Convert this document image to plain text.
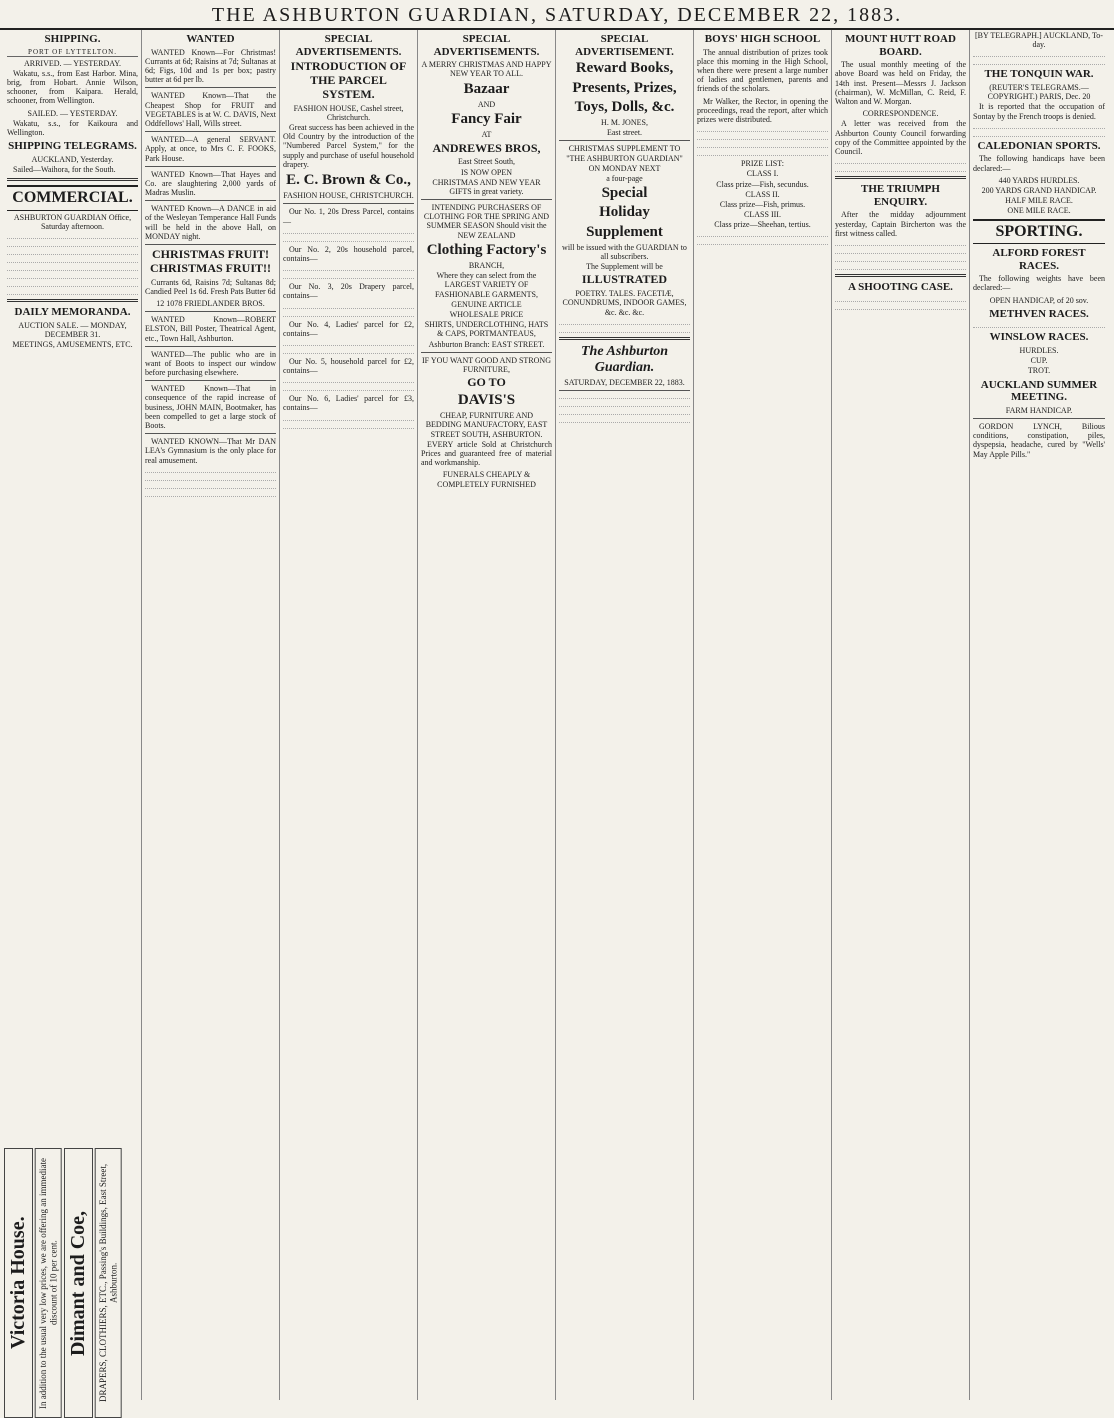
THE ASHBURTON GUARDIAN, SATURDAY, DECEMBER 22, 1883.
SHIPPING.
PORT OF LYTTELTON.
ARRIVED. — YESTERDAY.
Wakatu, s.s., from East Harbor. Mina, brig, from Hobart. Annie Wilson, schooner, from Kaipara. Herald, schooner, from Wellington.
SAILED. — YESTERDAY.
Wakatu, s.s., for Kaikoura and Wellington.
SHIPPING TELEGRAMS.
AUCKLAND, Yesterday.
Sailed—Waihora, for the South.
COMMERCIAL.
ASHBURTON GUARDIAN Office, Saturday afternoon.
DAILY MEMORANDA.
AUCTION SALE. — MONDAY, DECEMBER 31.
MEETINGS, AMUSEMENTS, ETC.
Victoria House.	In addition to the usual very low prices, we are offering an immediate discount of 10 per cent. Dimant and Coe,	DRAPERS, CLOTHIERS, ETC., Passing's Buildings, East Street, Ashburton.
WANTED
WANTED Known—For Christmas! Currants at 6d; Raisins at 7d; Sultanas at 6d; Figs, 10d and 1s per box; pastry butter at 6d per lb.
WANTED Known—That the Cheapest Shop for FRUIT and VEGETABLES is at W. C. DAVIS, Next Oddfellows' Hall, Wills street.
WANTED—A general SERVANT. Apply, at once, to Mrs C. F. FOOKS, Park House.
WANTED Known—That Hayes and Co. are slaughtering 2,000 yards of Madras Muslin.
WANTED Known—A DANCE in aid of the Wesleyan Temperance Hall Funds will be held in the above Hall, on MONDAY night.
CHRISTMAS FRUIT! CHRISTMAS FRUIT!!
Currants 6d, Raisins 7d; Sultanas 8d; Candied Peel 1s 6d. Fresh Pats Butter 6d
12 1078 FRIEDLANDER BROS.
WANTED Known—ROBERT ELSTON, Bill Poster, Theatrical Agent, etc., Town Hall, Ashburton.
WANTED—The public who are in want of Boots to inspect our window before purchasing elsewhere.
WANTED Known—That in consequence of the rapid increase of business, JOHN MAIN, Bootmaker, has been compelled to get a large stock of Boots.
WANTED KNOWN—That Mr DAN LEA's Gymnasium is the only place for real amusement.
SPECIAL ADVERTISEMENTS.
INTRODUCTION OF THE PARCEL SYSTEM.
FASHION HOUSE, Cashel street, Christchurch.
Great success has been achieved in the Old Country by the introduction of the "Numbered Parcel System," for the supply and purchase of useful household drapery.
E. C. Brown & Co.,
FASHION HOUSE, CHRISTCHURCH.
Our No. 1, 20s Dress Parcel, contains—
Our No. 2, 20s household parcel, contains—
Our No. 3, 20s Drapery parcel, contains—
Our No. 4, Ladies' parcel for £2, contains—
Our No. 5, household parcel for £2, contains—
Our No. 6, Ladies' parcel for £3, contains—
SPECIAL ADVERTISEMENTS.
A MERRY CHRISTMAS AND HAPPY NEW YEAR TO ALL.
Bazaar
AND
Fancy Fair
AT
ANDREWES BROS,
East Street South,
IS NOW OPEN
CHRISTMAS AND NEW YEAR GIFTS in great variety.
INTENDING PURCHASERS OF CLOTHING FOR THE SPRING AND SUMMER SEASON Should visit the NEW ZEALAND
Clothing Factory's
BRANCH,
Where they can select from the LARGEST VARIETY OF FASHIONABLE GARMENTS,
GENUINE ARTICLE
WHOLESALE PRICE
SHIRTS, UNDERCLOTHING, HATS & CAPS, PORTMANTEAUS,
Ashburton Branch: EAST STREET.
IF YOU WANT GOOD AND STRONG FURNITURE,
GO TO
DAVIS'S
CHEAP, FURNITURE AND BEDDING MANUFACTORY, EAST STREET SOUTH, ASHBURTON.
EVERY article Sold at Christchurch Prices and guaranteed free of material and workmanship.
FUNERALS CHEAPLY & COMPLETELY FURNISHED
SPECIAL ADVERTISEMENT.
Reward Books,
Presents, Prizes,
Toys, Dolls, &c.
H. M. JONES,
East street.
CHRISTMAS SUPPLEMENT TO "THE ASHBURTON GUARDIAN"
ON MONDAY NEXT
a four-page
Special
Holiday
Supplement
will be issued with the GUARDIAN to all subscribers.
The Supplement will be
ILLUSTRATED
POETRY. TALES. FACETIÆ, CONUNDRUMS, INDOOR GAMES, &c. &c. &c.
The Ashburton Guardian.
SATURDAY, DECEMBER 22, 1883.
BOYS' HIGH SCHOOL
The annual distribution of prizes took place this morning in the High School, when there were present a large number of ladies and gentlemen, parents and friends of the scholars.
Mr Walker, the Rector, in opening the proceedings, read the report, after which prizes were distributed.
PRIZE LIST:
CLASS I.
Class prize—Fish, secundus.
CLASS II.
Class prize—Fish, primus.
CLASS III.
Class prize—Sheehan, tertius.
MOUNT HUTT ROAD BOARD.
The usual monthly meeting of the above Board was held on Friday, the 14th inst. Present—Messrs J. Jackson (chairman), W. McMillan, C. Reid, F. Walton and W. Morgan.
CORRESPONDENCE.
A letter was received from the Ashburton County Council forwarding copy of the Committee appointed by the Council.
THE TRIUMPH ENQUIRY.
After the midday adjournment yesterday, Captain Bircherton was the first witness called.
A SHOOTING CASE.
[BY TELEGRAPH.] AUCKLAND, To-day.
THE TONQUIN WAR.
(REUTER'S TELEGRAMS.—COPYRIGHT.) PARIS, Dec. 20
It is reported that the occupation of Sontay by the French troops is denied.
CALEDONIAN SPORTS.
The following handicaps have been declared:—
440 YARDS HURDLES.
200 YARDS GRAND HANDICAP.
HALF MILE RACE.
ONE MILE RACE.
SPORTING.
ALFORD FOREST RACES.
The following weights have been declared:—
OPEN HANDICAP, of 20 sov.
METHVEN RACES.
WINSLOW RACES.
HURDLES.
CUP.
TROT.
AUCKLAND SUMMER MEETING.
FARM HANDICAP.
GORDON LYNCH, Bilious conditions, constipation, piles, dyspepsia, headache, cured by "Wells' May Apple Pills."
